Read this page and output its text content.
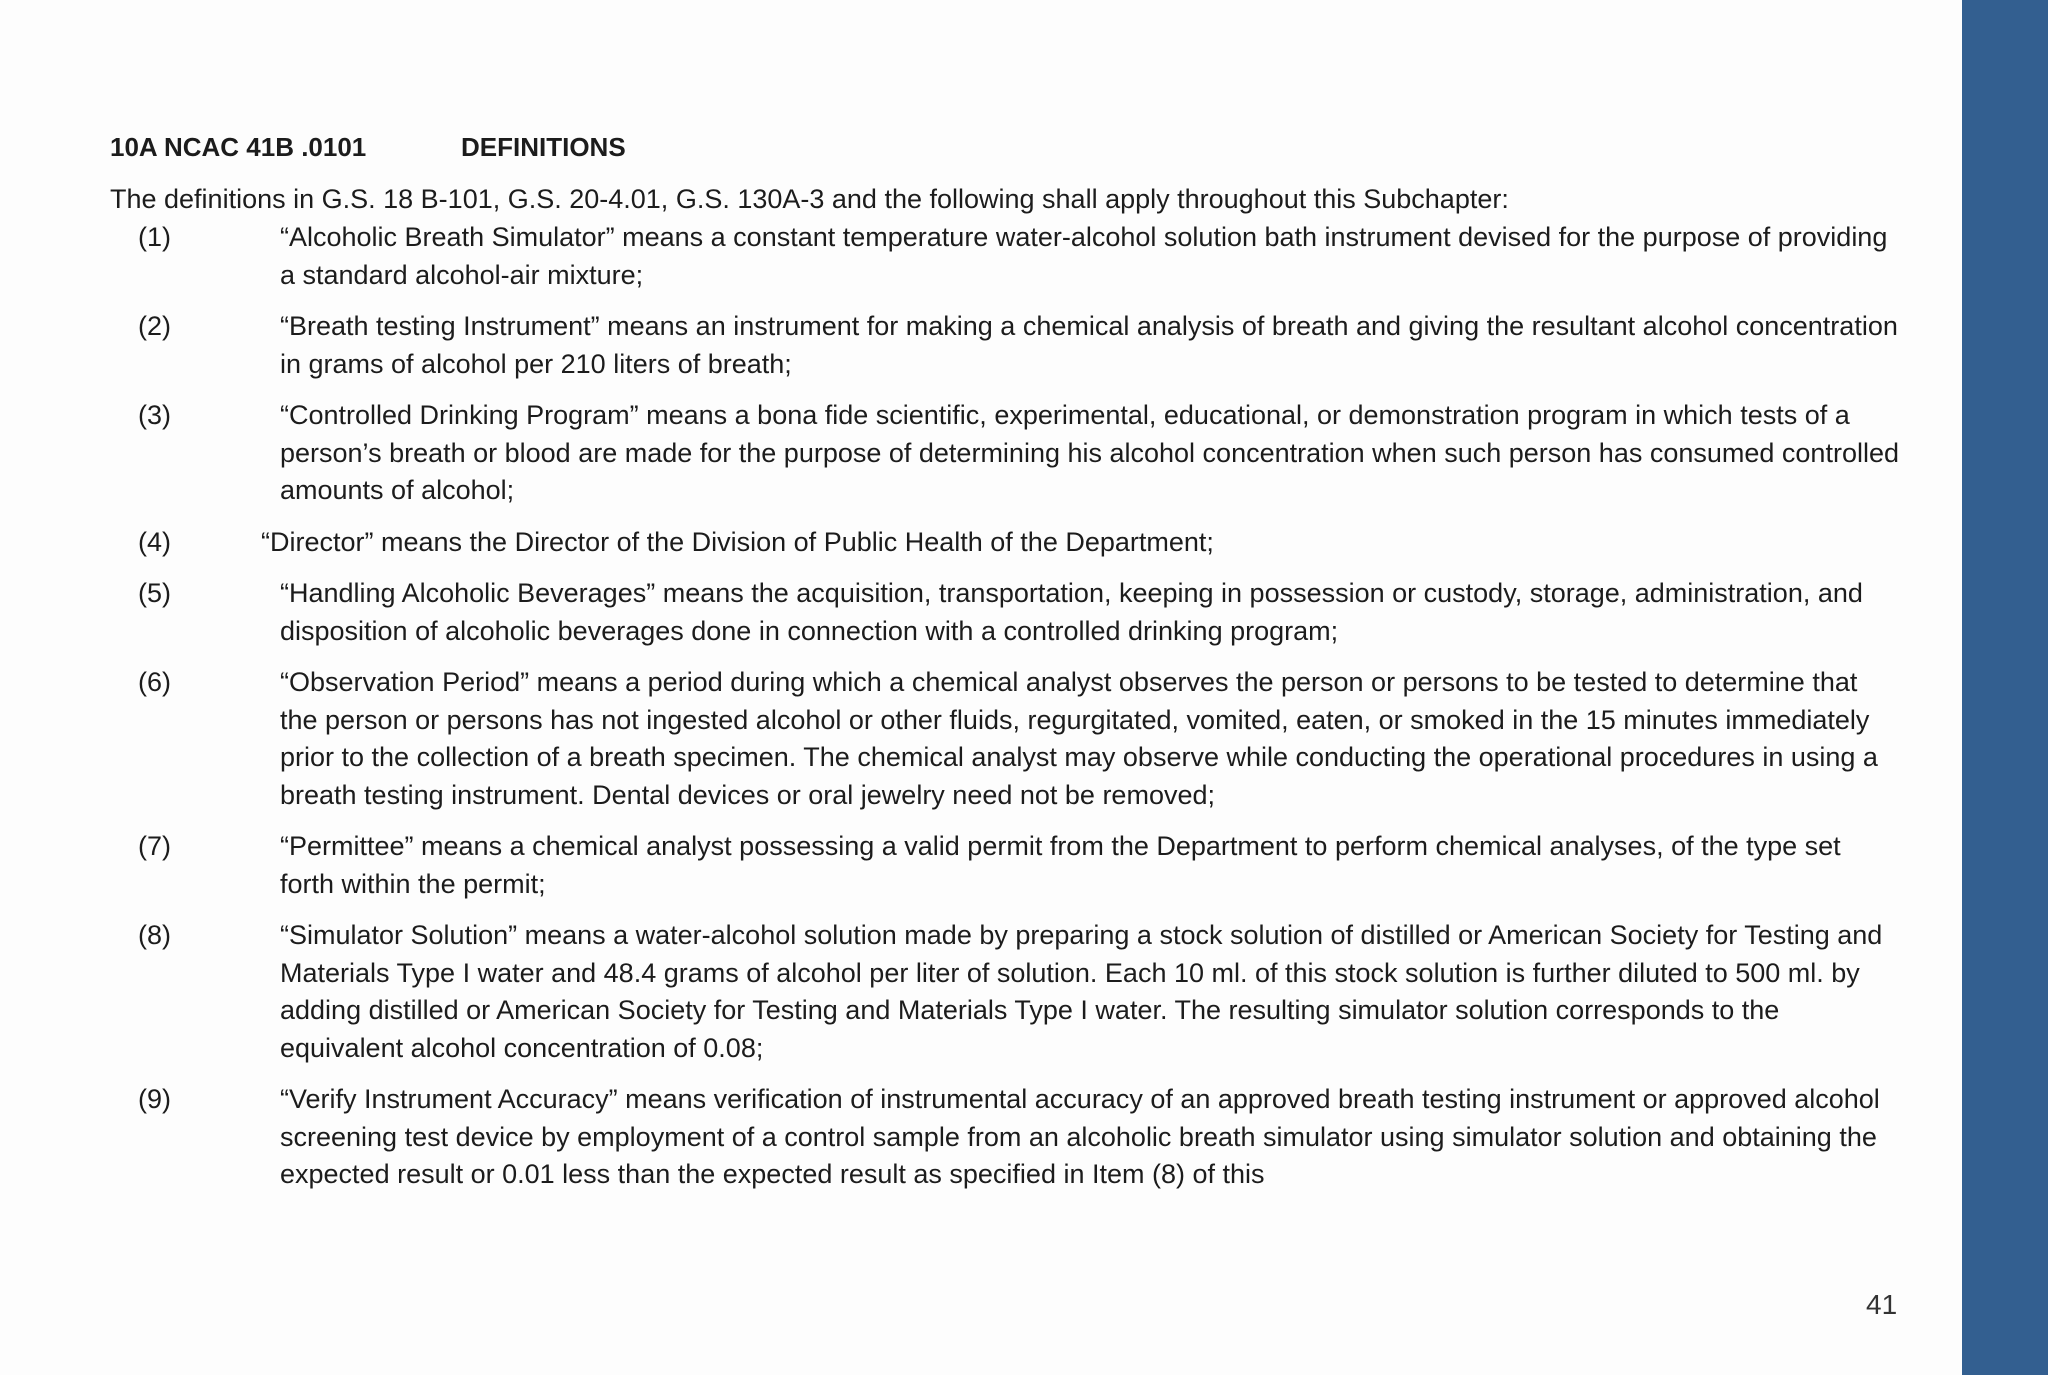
10A NCAC 41B .0101	DEFINITIONS
The definitions in G.S. 18 B-101, G.S. 20-4.01, G.S. 130A-3 and the following shall apply throughout this Subchapter:
(1)	“Alcoholic Breath Simulator” means a constant temperature water-alcohol solution bath instrument devised for the purpose of providing a standard alcohol-air mixture;
(2)	“Breath testing Instrument” means an instrument for making a chemical analysis of breath and giving the resultant alcohol concentration in grams of alcohol per 210 liters of breath;
(3)	“Controlled Drinking Program” means a bona fide scientific, experimental, educational, or demonstration program in which tests of a person’s breath or blood are made for the purpose of determining his alcohol concentration when such person has consumed controlled amounts of alcohol;
(4)	“Director” means the Director of the Division of Public Health of the Department;
(5)	“Handling Alcoholic Beverages” means the acquisition, transportation, keeping in possession or custody, storage, administration, and disposition of alcoholic beverages done in connection with a controlled drinking program;
(6)	“Observation Period” means a period during which a chemical analyst observes the person or persons to be tested to determine that the person or persons has not ingested alcohol or other fluids, regurgitated, vomited, eaten, or smoked in the 15 minutes immediately prior to the collection of a breath specimen. The chemical analyst may observe while conducting the operational procedures in using a breath testing instrument. Dental devices or oral jewelry need not be removed;
(7)	“Permittee” means a chemical analyst possessing a valid permit from the Department to perform chemical analyses, of the type set forth within the permit;
(8)	“Simulator Solution” means a water-alcohol solution made by preparing a stock solution of distilled or American Society for Testing and Materials Type I water and 48.4 grams of alcohol per liter of solution. Each 10 ml. of this stock solution is further diluted to 500 ml. by adding distilled or American Society for Testing and Materials Type I water. The resulting simulator solution corresponds to the equivalent alcohol concentration of 0.08;
(9)	“Verify Instrument Accuracy” means verification of instrumental accuracy of an approved breath testing instrument or approved alcohol screening test device by employment of a control sample from an alcoholic breath simulator using simulator solution and obtaining the expected result or 0.01 less than the expected result as specified in Item (8) of this
41
